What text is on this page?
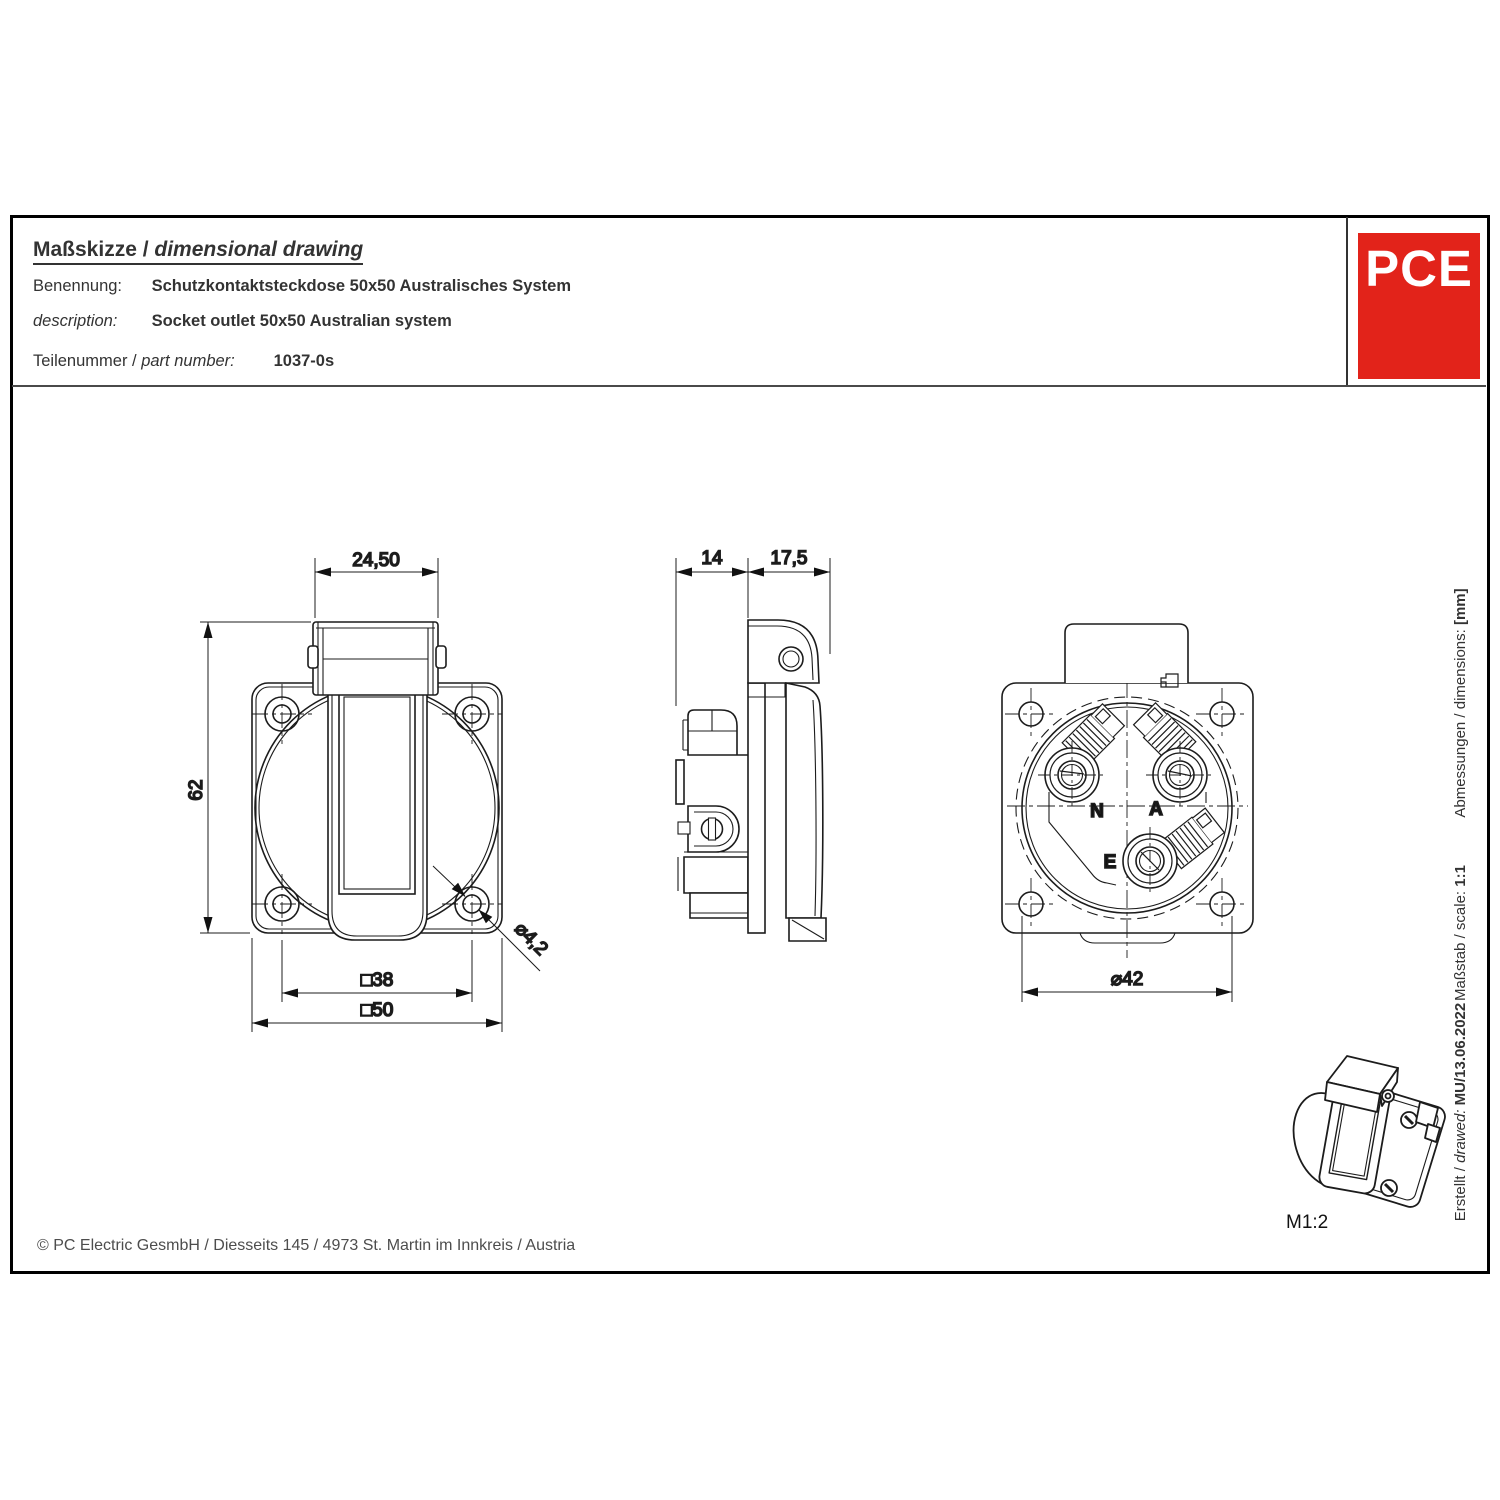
Maßskizze / dimensional drawing
Benennung: Schutzkontaktsteckdose 50x50 Australisches System
description: Socket outlet 50x50 Australian system
Teilenummer / part number: 1037-0s
PCE
Abmessungen / dimensions: [mm]
Maßstab / scale: 1:1
Erstellt / drawed: MU/13.06.2022
24,50
62
□38
□50
⌀4,2
14	17,5
N A
E
⌀42
M1:2
© PC Electric GesmbH / Diesseits 145 / 4973 St. Martin im Innkreis / Austria
